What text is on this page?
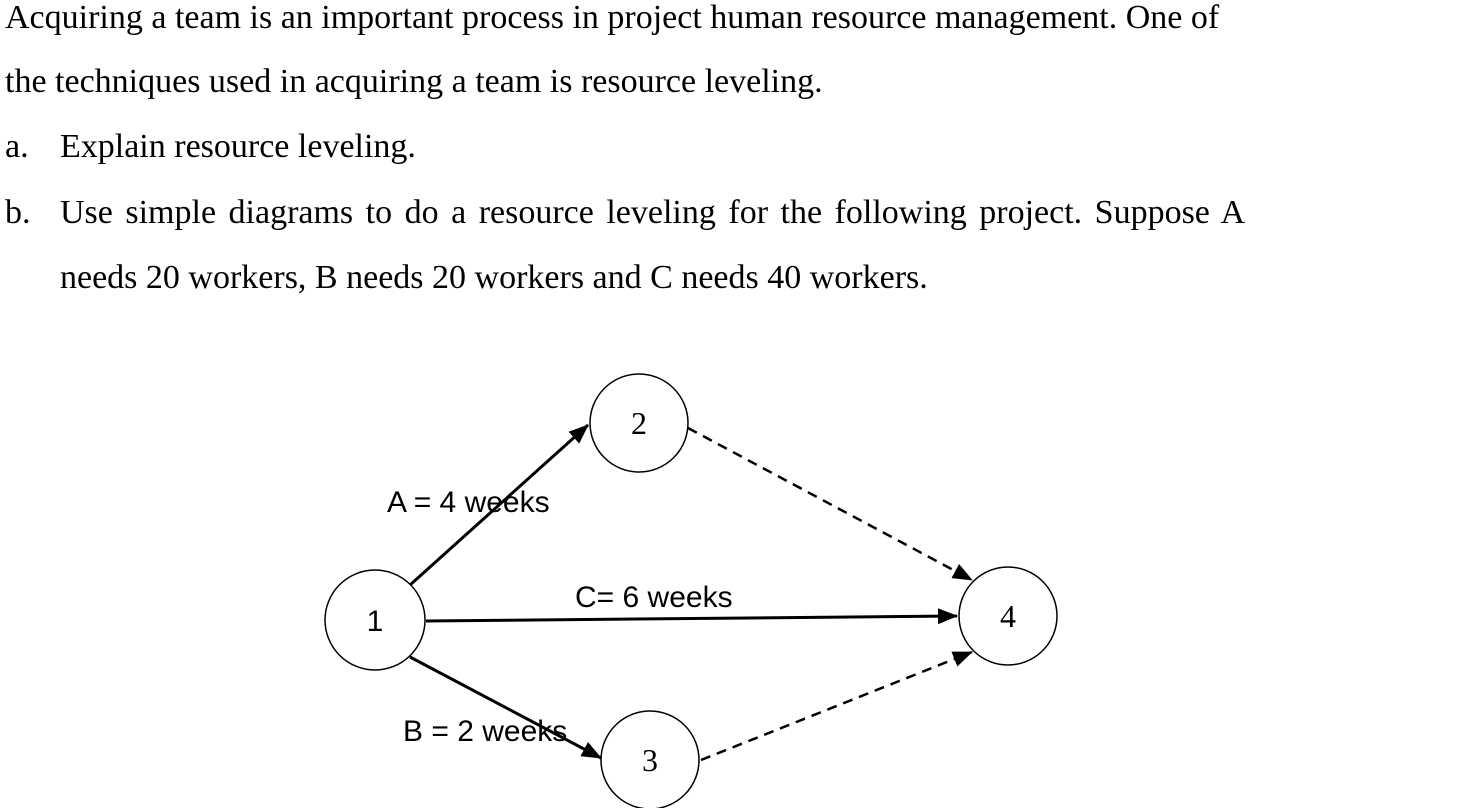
Acquiring a team is an important process in project human resource management. One of
the techniques used in acquiring a team is resource leveling.
a. Explain resource leveling.
b. Use simple diagrams to do a resource leveling for the following project. Suppose A
needs 20 workers, B needs 20 workers and C needs 40 workers.
1
2
3
4
A = 4 weeks
C= 6 weeks
B = 2 weeks
